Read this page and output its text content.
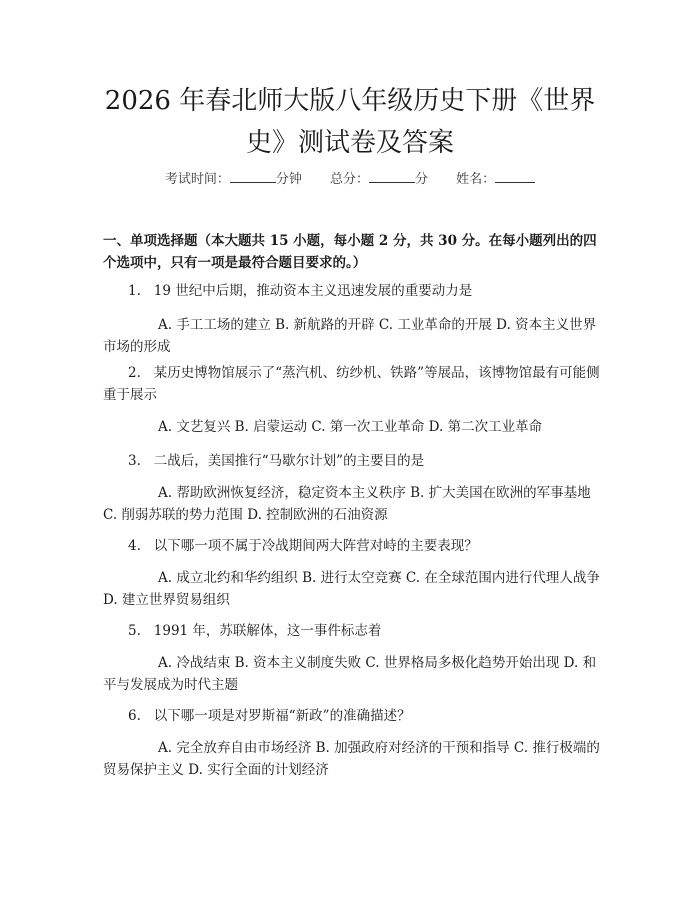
2026 年春北师大版八年级历史下册《世界史》测试卷及答案
考试时间：	分钟 总分：	分 姓名：

一、单项选择题（本大题共 15 小题，每小题 2 分，共 30 分。在每小题列出的四个选项中，只有一项是最符合题目要求的。）

1. 19 世纪中后期，推动资本主义迅速发展的重要动力是

A. 手工工场的建立 B. 新航路的开辟 C. 工业革命的开展 D. 资本主义世界市场的形成

2. 某历史博物馆展示了“蒸汽机、纺纱机、铁路”等展品，该博物馆最有可能侧重于展示

A. 文艺复兴 B. 启蒙运动 C. 第一次工业革命 D. 第二次工业革命

3. 二战后，美国推行“马歇尔计划”的主要目的是

A. 帮助欧洲恢复经济，稳定资本主义秩序 B. 扩大美国在欧洲的军事基地 C. 削弱苏联的势力范围 D. 控制欧洲的石油资源

4. 以下哪一项不属于冷战期间两大阵营对峙的主要表现？

A. 成立北约和华约组织 B. 进行太空竞赛 C. 在全球范围内进行代理人战争 D. 建立世界贸易组织

5. 1991 年，苏联解体，这一事件标志着

A. 冷战结束 B. 资本主义制度失败 C. 世界格局多极化趋势开始出现 D. 和平与发展成为时代主题

6. 以下哪一项是对罗斯福“新政”的准确描述？

A. 完全放弃自由市场经济 B. 加强政府对经济的干预和指导 C. 推行极端的贸易保护主义 D. 实行全面的计划经济
